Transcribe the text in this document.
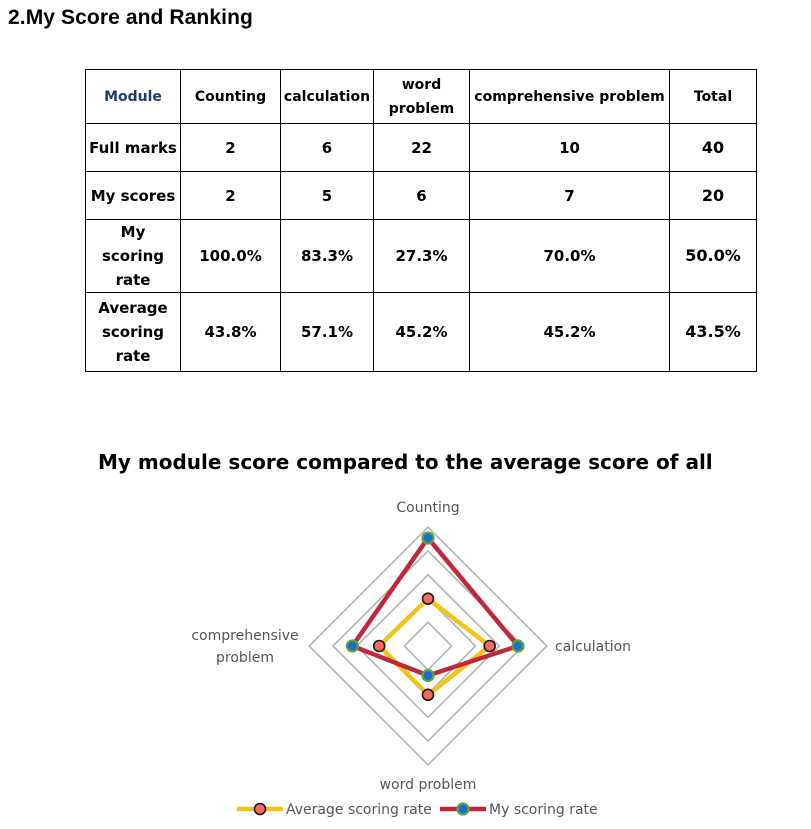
2.My Score and Ranking
Module	Counting	calculation	word problem	comprehensive problem	Total
Full marks	2	6	22	10	40
My scores	2	5	6	7	20
My scoring rate	100.0%	83.3%	27.3%	70.0%	50.0%
Average scoring rate	43.8%	57.1%	45.2%	45.2%	43.5%
My module score compared to the average score of all
Counting
calculation
word problem
comprehensive problem
Average scoring rate	My scoring rate
